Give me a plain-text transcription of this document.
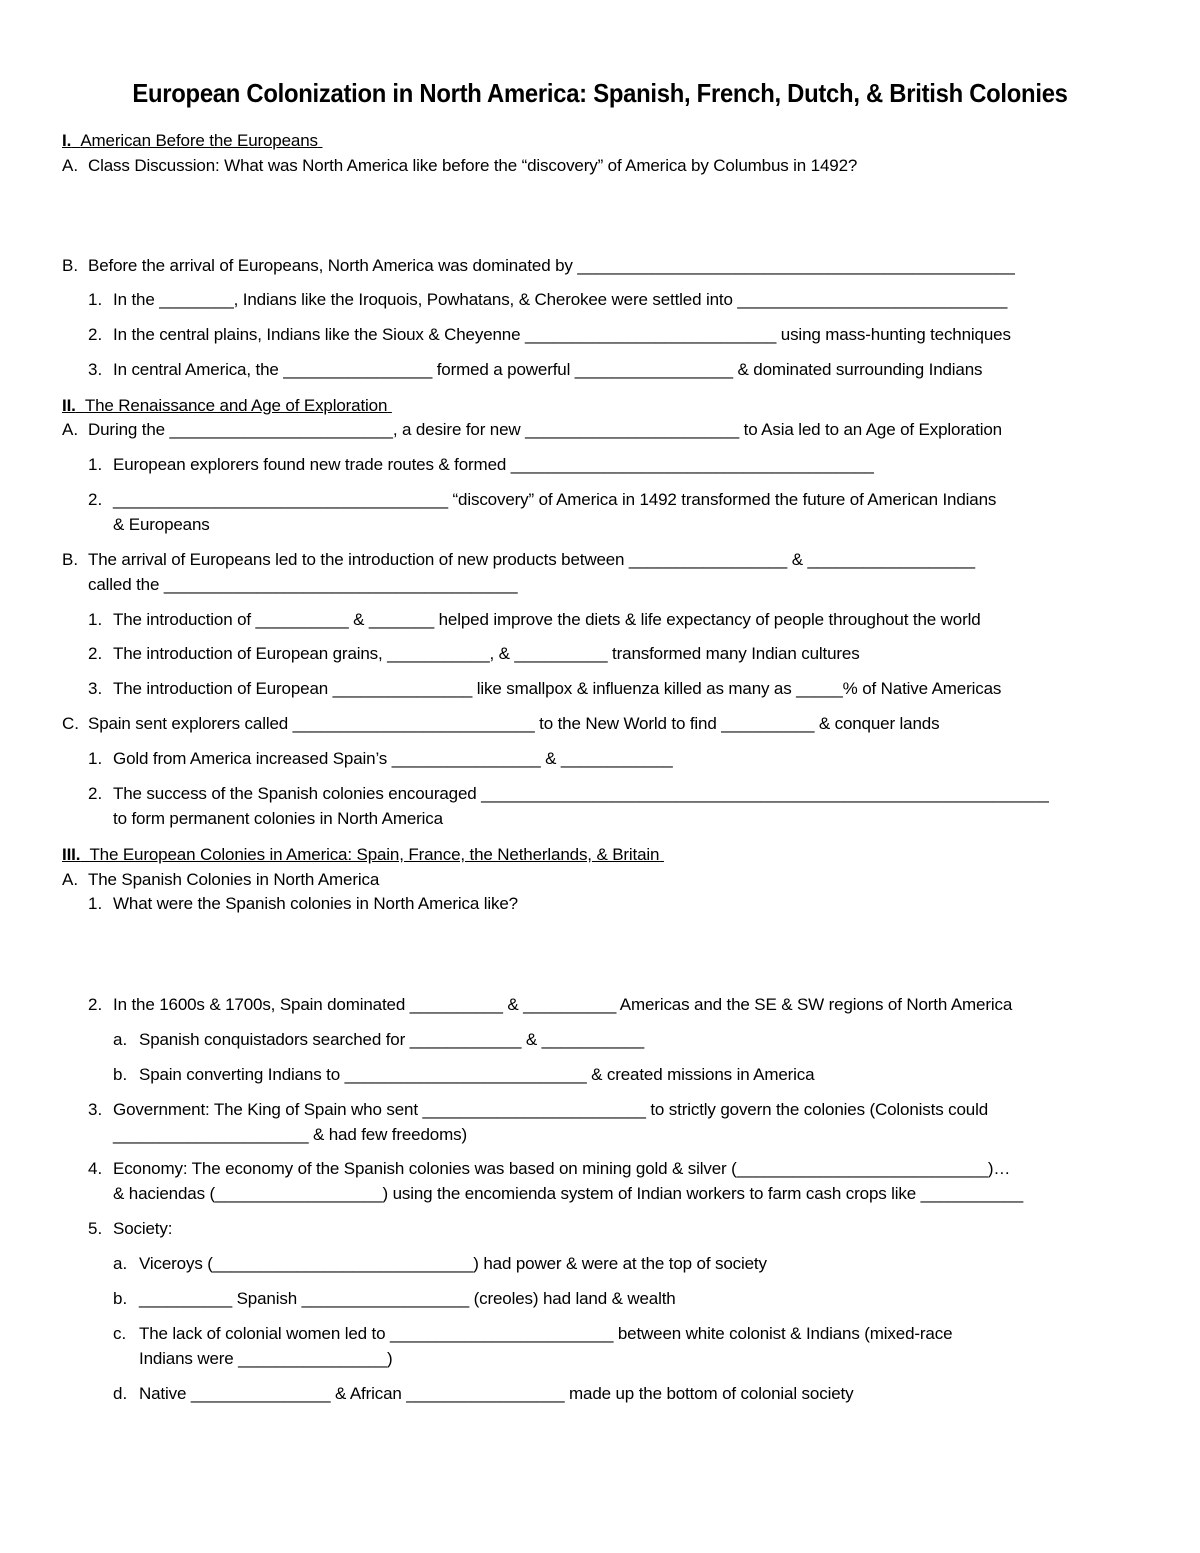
European Colonization in North America: Spanish, French, Dutch, & British Colonies
I. American Before the Europeans
A. Class Discussion: What was North America like before the “discovery” of America by Columbus in 1492?
B. Before the arrival of Europeans, North America was dominated by _______________________________________________
1. In the ________, Indians like the Iroquois, Powhatans, & Cherokee were settled into _____________________________
2. In the central plains, Indians like the Sioux & Cheyenne ___________________________ using mass-hunting techniques
3. In central America, the ________________ formed a powerful _________________ & dominated surrounding Indians
II. The Renaissance and Age of Exploration
A. During the ________________________, a desire for new _______________________ to Asia led to an Age of Exploration
1. European explorers found new trade routes & formed _______________________________________
2. ____________________________________ “discovery” of America in 1492 transformed the future of American Indians
& Europeans
B. The arrival of Europeans led to the introduction of new products between _________________ & __________________
called the ______________________________________
1. The introduction of __________ & _______ helped improve the diets & life expectancy of people throughout the world
2. The introduction of European grains, ___________, & __________ transformed many Indian cultures
3. The introduction of European _______________ like smallpox & influenza killed as many as _____% of Native Americas
C. Spain sent explorers called __________________________ to the New World to find __________ & conquer lands
1. Gold from America increased Spain’s ________________ & ____________
2. The success of the Spanish colonies encouraged _____________________________________________________________
to form permanent colonies in North America
III. The European Colonies in America: Spain, France, the Netherlands, & Britain
A. The Spanish Colonies in North America
1. What were the Spanish colonies in North America like?
2. In the 1600s & 1700s, Spain dominated __________ & __________ Americas and the SE & SW regions of North America
a. Spanish conquistadors searched for ____________ & ___________
b. Spain converting Indians to __________________________ & created missions in America
3. Government: The King of Spain who sent ________________________ to strictly govern the colonies (Colonists could
_____________________ & had few freedoms)
4. Economy: The economy of the Spanish colonies was based on mining gold & silver (___________________________)…
& haciendas (__________________) using the encomienda system of Indian workers to farm cash crops like ___________
5. Society:
a. Viceroys (____________________________) had power & were at the top of society
b. __________ Spanish __________________ (creoles) had land & wealth
c. The lack of colonial women led to ________________________ between white colonist & Indians (mixed-race
Indians were ________________)
d. Native _______________ & African _________________ made up the bottom of colonial society
